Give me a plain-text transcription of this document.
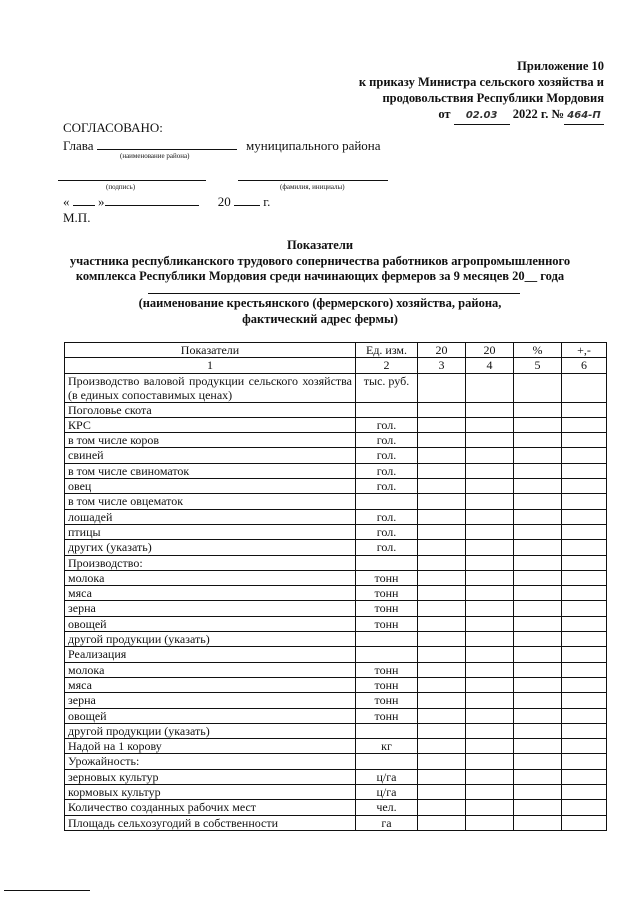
Приложение 10
к приказу Министра сельского хозяйства и
продовольствия Республики Мордовия
от 02.03 2022 г. № 464-П
СОГЛАСОВАНО:
Глава	муниципального района
(наименование района)
(подпись)	(фамилия, инициалы)
« »	20	г.
М.П.
Показатели
участника республиканского трудового соперничества работников агропромышленного
комплекса Республики Мордовия среди начинающих фермеров за 9 месяцев 20__ года
(наименование крестьянского (фермерского) хозяйства, района,
фактический адрес фермы)
Показатели	Ед. изм.	20	20	%	+,-
1	2	3	4	5	6
Производство валовой продукции сельского хозяйства (в единых сопоставимых ценах)	тыс. руб.				
Поголовье скота					
КРС	гол.				
в том числе коров	гол.				
свиней	гол.				
в том числе свиноматок	гол.				
овец	гол.				
в том числе овцематок					
лошадей	гол.				
птицы	гол.				
других (указать)	гол.				
Производство:					
молока	тонн				
мяса	тонн				
зерна	тонн				
овощей	тонн				
другой продукции (указать)					
Реализация					
молока	тонн				
мяса	тонн				
зерна	тонн				
овощей	тонн				
другой продукции (указать)					
Надой на 1 корову	кг				
Урожайность:					
зерновых культур	ц/га				
кормовых культур	ц/га				
Количество созданных рабочих мест	чел.				
Площадь сельхозугодий в собственности	га				
